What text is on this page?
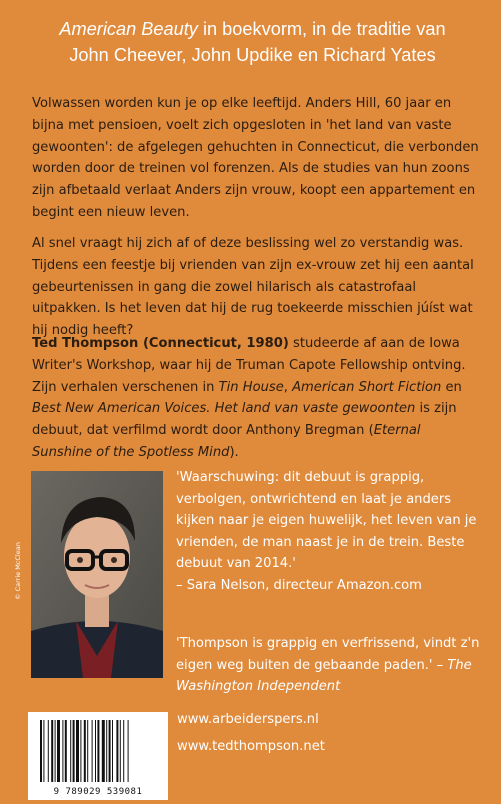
American Beauty in boekvorm, in de traditie van
John Cheever, John Updike en Richard Yates

Volwassen worden kun je op elke leeftijd. Anders Hill, 60 jaar en bijna met pensioen, voelt zich opgesloten in 'het land van vaste gewoonten': de afgelegen gehuchten in Connecticut, die verbonden worden door de treinen vol forenzen. Als de studies van hun zoons zijn afbetaald verlaat Anders zijn vrouw, koopt een appartement en begint een nieuw leven.

Al snel vraagt hij zich af of deze beslissing wel zo verstandig was. Tijdens een feestje bij vrienden van zijn ex-vrouw zet hij een aantal gebeurtenissen in gang die zowel hilarisch als catastrofaal uitpakken. Is het leven dat hij de rug toekeerde misschien júíst wat hij nodig heeft?

Ted Thompson (Connecticut, 1980) studeerde af aan de Iowa Writer's Workshop, waar hij de Truman Capote Fellowship ontving. Zijn verhalen verschenen in Tin House, American Short Fiction en Best New American Voices. Het land van vaste gewoonten is zijn debuut, dat verfilmd wordt door Anthony Bregman (Eternal Sunshine of the Spotless Mind).

© Carrie McClean

'Waarschuwing: dit debuut is grappig, verbolgen, ontwrichtend en laat je anders kijken naar je eigen huwelijk, het leven van je vrienden, de man naast je in de trein. Beste debuut van 2014.'

– Sara Nelson, directeur Amazon.com

'Thompson is grappig en verfrissend, vindt z'n eigen weg buiten de gebaande paden.' – The Washington Independent

www.arbeiderspers.nl
www.tedthompson.net
9 789029 539081
